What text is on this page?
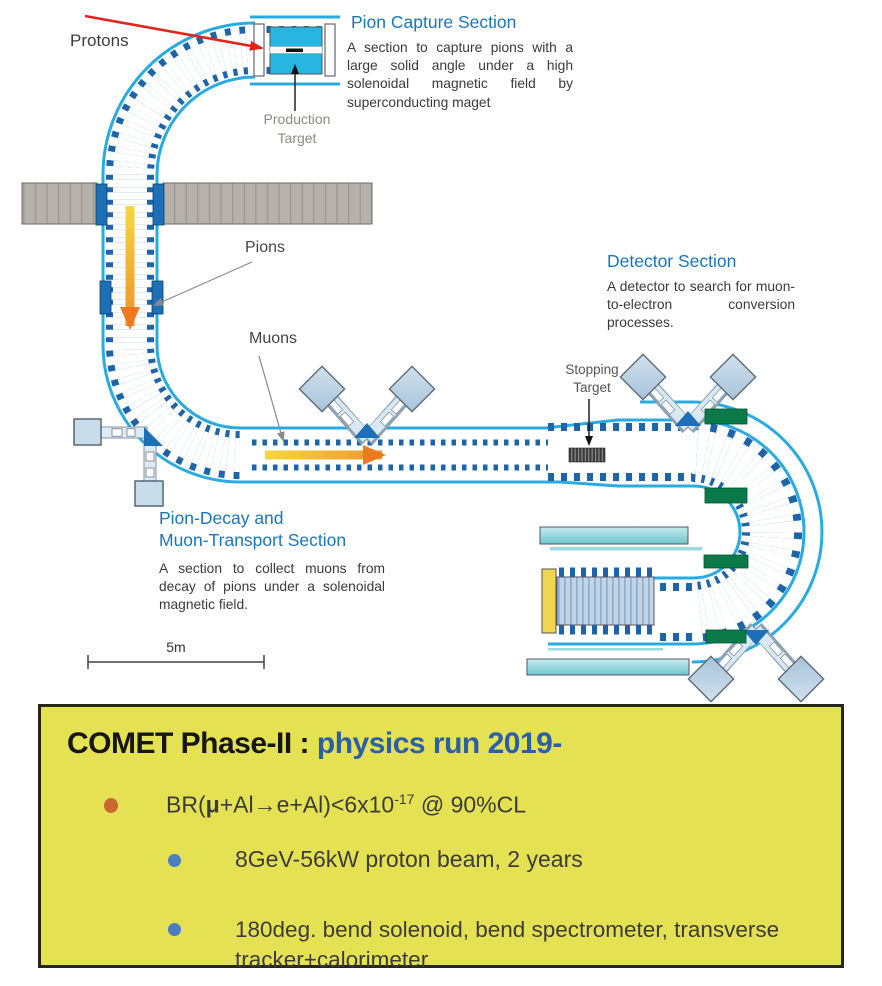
Protons
Pions
Muons
Production Target
Stopping Target
5m
Pion Capture Section
A section to capture pions with a large solid angle under a high solenoidal magnetic field by superconducting maget
Detector Section
A detector to search for muon-to-electron conversion processes.
Pion-Decay and
Muon-Transport Section
A section to collect muons from decay of pions under a solenoidal magnetic field.
COMET Phase-II : physics run 2019-
$BR(\mu+Al\to e+Al)<6x10^{-17}$ @ 90%CL
8GeV-56kW proton beam, 2 years
180deg. bend solenoid, bend spectrometer, transverse tracker+calorimeter
